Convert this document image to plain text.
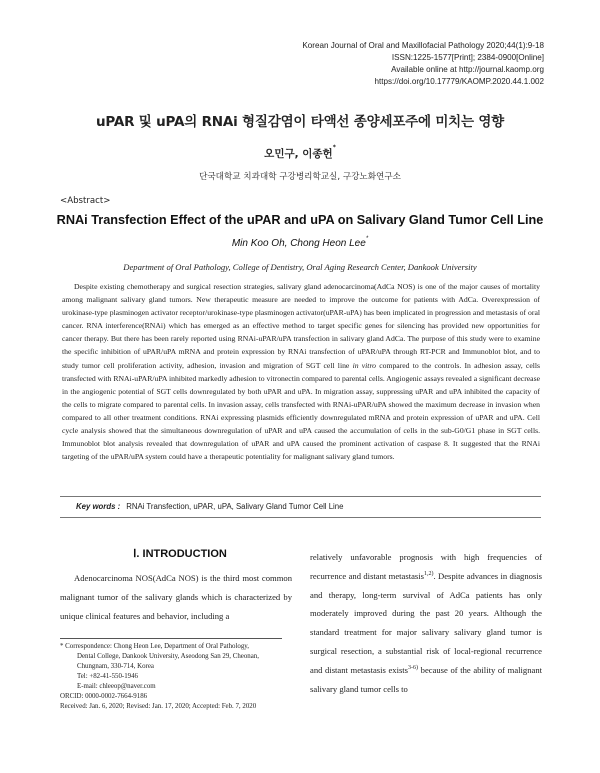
Korean Journal of Oral and Maxillofacial Pathology 2020;44(1):9-18
ISSN:1225-1577[Print]; 2384-0900[Online]
Available online at http://journal.kaomp.org
https://doi.org/10.17779/KAOMP.2020.44.1.002
uPAR 및 uPA의 RNAi 형질감염이 타액선 종양세포주에 미치는 영향
오민구, 이종헌*
단국대학교 치과대학 구강병리학교실, 구강노화연구소
<Abstract>
RNAi Transfection Effect of the uPAR and uPA on Salivary Gland Tumor Cell Line
Min Koo Oh, Chong Heon Lee*
Department of Oral Pathology, College of Dentistry, Oral Aging Research Center, Dankook University

Despite existing chemotherapy and surgical resection strategies, salivary gland adenocarcinoma(AdCa NOS) is one of the major causes of mortality among malignant salivary gland tumors. New therapeutic measure are needed to improve the outcome for patients with AdCa. Overexpression of urokinase-type plasminogen activator receptor/urokinase-type plasminogen activator(uPAR-uPA) has been implicated in progression and metastasis of oral cancer. RNA interference(RNAi) which has emerged as an effective method to target specific genes for silencing has provided new opportunities for cancer therapy. But there has been rarely reported using RNAi-uPAR/uPA transfection in salivary gland AdCa. The purpose of this study were to examine the specific inhibition of uPAR/uPA mRNA and protein expression by RNAi transfection of uPAR/uPA through RT-PCR and Immunoblot blot, and to study tumor cell proliferation activity, adhesion, invasion and migration of SGT cell line in vitro compared to the controls. In adhesion assay, cells transfected with RNAi-uPAR/uPA inhibited markedly adhesion to vitronectin compared to parental cells. Angiogenic assays revealed a significant decrease in the angiogenic potential of SGT cells downregulated by both uPAR and uPA. In migration assay, suppressing uPAR and uPA inhibited the capacity of the cells to migrate compared to parental cells. In invasion assay, cells transfected with RNAi-uPAR/uPA showed the maximum decrease in invasion when compared to all other treatment conditions. RNAi expressing plasmids efficiently downregulated mRNA and protein expression of uPAR and uPA. Cell cycle analysis showed that the simultaneous downregulation of uPAR and uPA caused the accumulation of cells in the sub-G0/G1 phase in SGT cells. Immunoblot blot analysis revealed that downregulation of uPAR and uPA caused the prominent activation of caspase 8. It suggested that the RNAi targeting of the uPAR/uPA system could have a therapeutic potentiality for malignant salivary gland tumors.

Key words : RNAi Transfection, uPAR, uPA, Salivary Gland Tumor Cell Line
Ⅰ. INTRODUCTION

Adenocarcinoma NOS(AdCa NOS) is the third most common malignant tumor of the salivary glands which is characterized by unique clinical features and behavior, including a

relatively unfavorable prognosis with high frequencies of recurrence and distant metastasis$^{1,2)}$. Despite advances in diagnosis and therapy, long-term survival of AdCa patients has only moderately improved during the past 20 years. Although the standard treatment for major salivary salivary gland tumor is surgical resection, a substantial risk of local-regional recurrence and distant metastasis exists$^{3-6)}$ because of the ability of malignant salivary gland tumor cells to

* Correspondence: Chong Heon Lee, Department of Oral Pathology,
Dental College, Dankook University, Aseodong San 29, Cheonan,
Chungnam, 330-714, Korea
Tel: +82-41-550-1946
E-mail: chleeop@naver.com
ORCID: 0000-0002-7664-9186
Received: Jan. 6, 2020; Revised: Jan. 17, 2020; Accepted: Feb. 7, 2020
